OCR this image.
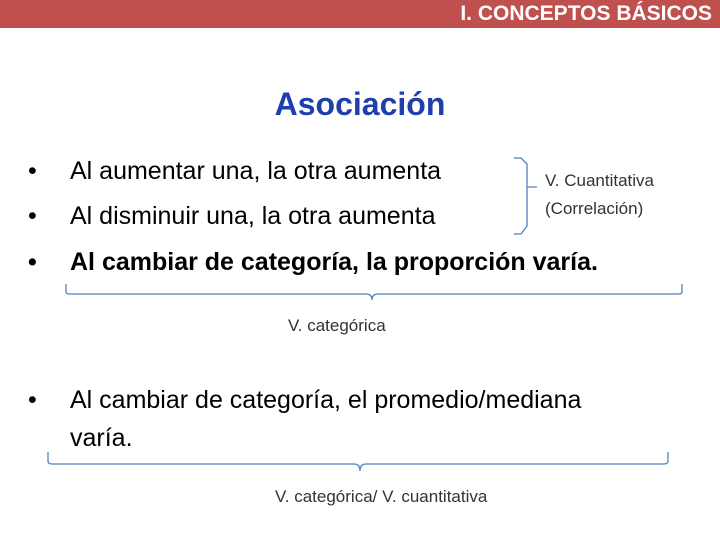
I. CONCEPTOS BÁSICOS
Asociación
• Al aumentar una, la otra aumenta
• Al disminuir una, la otra aumenta
• Al cambiar de categoría, la proporción varía.
V. Cuantitativa
(Correlación)
V. categórica
• Al cambiar de categoría, el promedio/mediana
varía.
V. categórica/ V. cuantitativa
